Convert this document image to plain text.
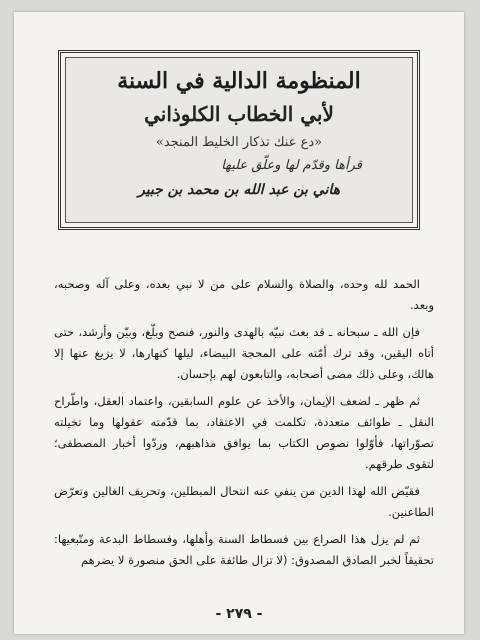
المنظومة الدالية في السنة
لأبي الخطاب الكلوذاني
«دع عنك تذكار الخليط المنجد»
قرأها وقدّم لها وعلّق عليها
هاني بن عبد الله بن محمد بن جبير

الحمد لله وحده، والصلاة والسلام على من لا نبي بعده، وعلى آله وصحبه، وبعد.

فإن الله ـ سبحانه ـ قد بعث نبيّه بالهدى والنور، فنصح وبلّغ، وبيّن وأرشد، حتى أتاه اليقين، وقد ترك أمّته على المحجة البيضاء، ليلها كنهارها، لا يزيغ عنها إلا هالك، وعلى ذلك مضى أصحابه، والتابعون لهم بإحسان.

ثم ظهر ـ لضعف الإيمان، والأخذ عن علوم السابقين، واعتماد العقل، واطّراح النقل ـ طوائف متعددة، تكلمت في الاعتقاد، بما قدّمته عقولها وما تخيلته تصوّراتها، فأوّلوا نصوص الكتاب بما يوافق مذاهبهم، وردّوا أخبار المصطفى؛ لتقوى طرقهم.

فقيّض الله لهذا الدين من ينفي عنه انتحال المبطلين، وتحريف الغالين وتعرّض الطاعنين.

ثم لم يزل هذا الصراع بين فسطاط السنة وأهلها، وفسطاط البدعة ومتّبعيها: تحقيقاً لخبر الصادق المصدوق: (لا تزال طائفة على الحق منصورة لا يضرهم

- ٢٧٩ -
